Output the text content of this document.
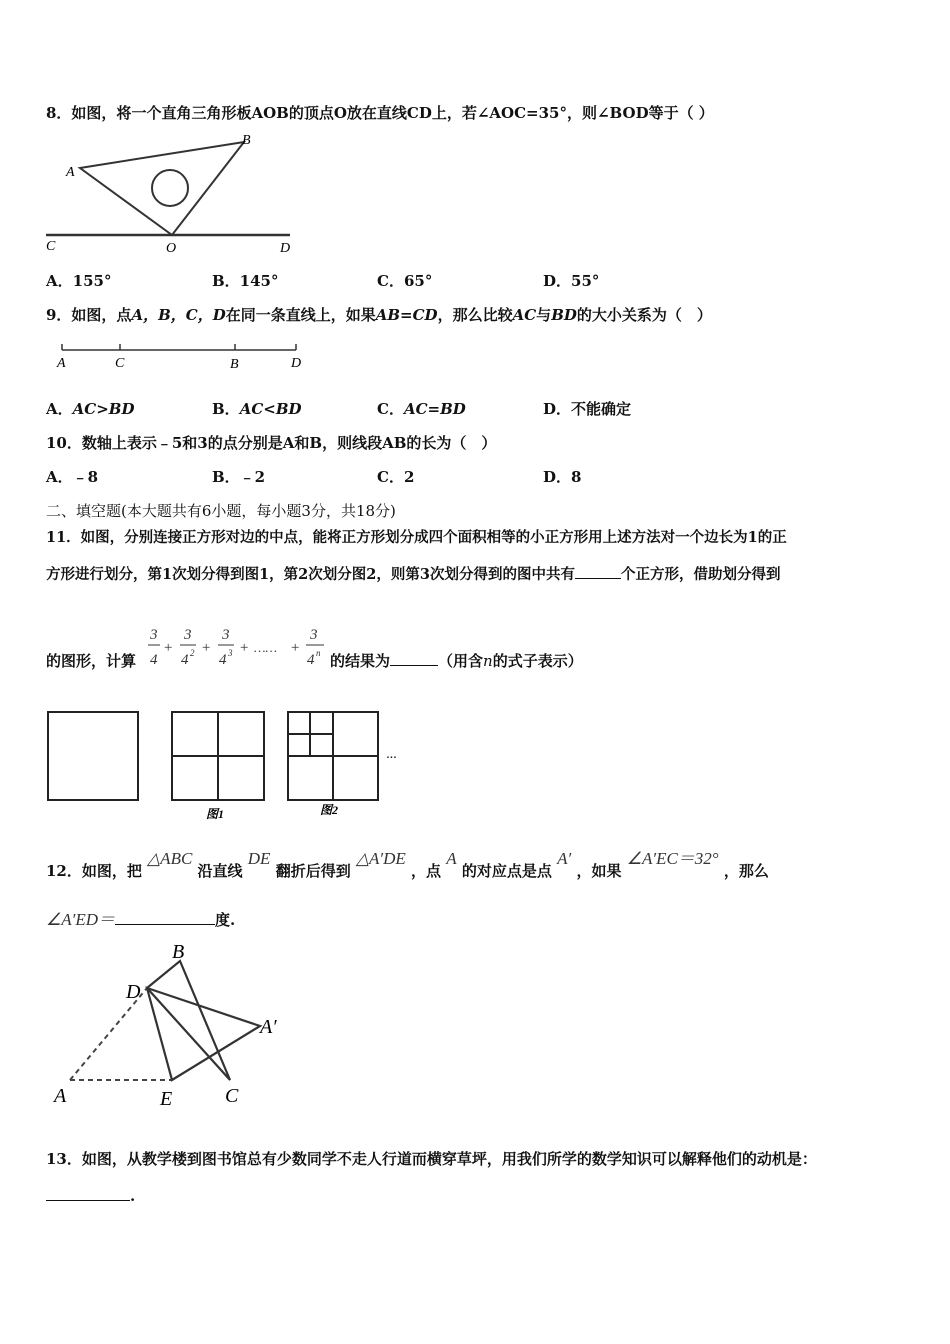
8．如图，将一个直角三角形板AOB的顶点O放在直线CD上，若∠AOC=35°，则∠BOD等于（ ）
A
B
C	O	D
A．155°	B．145°	C．65°	D．55°
9．如图，点A，B，C，D在同一条直线上，如果AB=CD，那么比较AC与BD的大小关系为（　）
A	C	B	D
A．AC>BD	B．AC<BD	C．AC=BD	D．不能确定
10．数轴上表示﹣5和3的点分别是A和B，则线段AB的长为（　）
A．﹣8	B．﹣2	C．2	D．8
二、填空题(本大题共有6小题，每小题3分，共18分)
11．如图，分别连接正方形对边的中点，能将正方形划分成四个面积相等的小正方形用上述方法对一个边长为1的正
方形进行划分，第1次划分得到图1，第2次划分图2，则第3次划分得到的图中共有	个正方形，借助划分得到
的图形，计算
3
4
+
3
4 2 +
3
4 3 + …… +
3
4 n 的结果为	（用含n的式子表示）
···
图1	图2
12．如图，把 △ABC 沿直线 DE 翻折后得到 △A′DE ，点 A 的对应点是点 A′ ，如果 ∠A′EC＝32° ，那么
∠A′ED＝	度.
B
D
A′
A	E	C
13．如图，从教学楼到图书馆总有少数同学不走人行道而横穿草坪，用我们所学的数学知识可以解释他们的动机是：
.
